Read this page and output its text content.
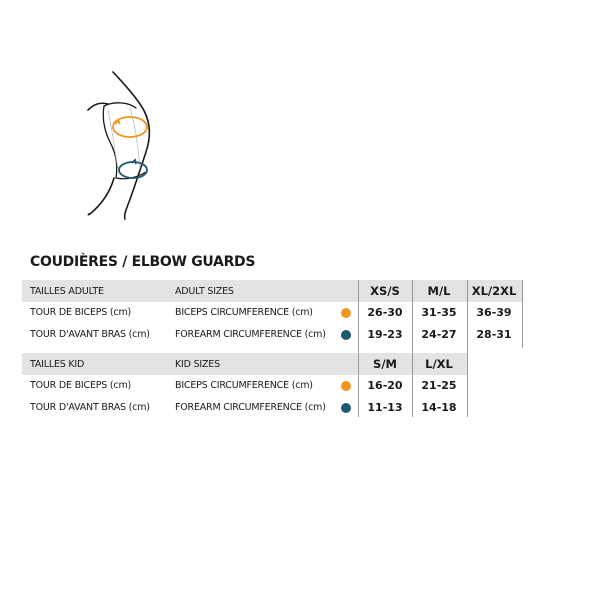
COUDIÈRES / ELBOW GUARDS
TAILLES ADULTE	ADULT SIZES	XS/S	M/L	XL/2XL
TOUR DE BICEPS (cm)	BICEPS CIRCUMFERENCE (cm)	26-30	31-35	36-39
TOUR D'AVANT BRAS (cm)	FOREARM CIRCUMFERENCE (cm)	19-23	24-27	28-31
TAILLES KID	KID SIZES	S/M	L/XL
TOUR DE BICEPS (cm)	BICEPS CIRCUMFERENCE (cm)	16-20	21-25
TOUR D'AVANT BRAS (cm)	FOREARM CIRCUMFERENCE (cm)	11-13	14-18
